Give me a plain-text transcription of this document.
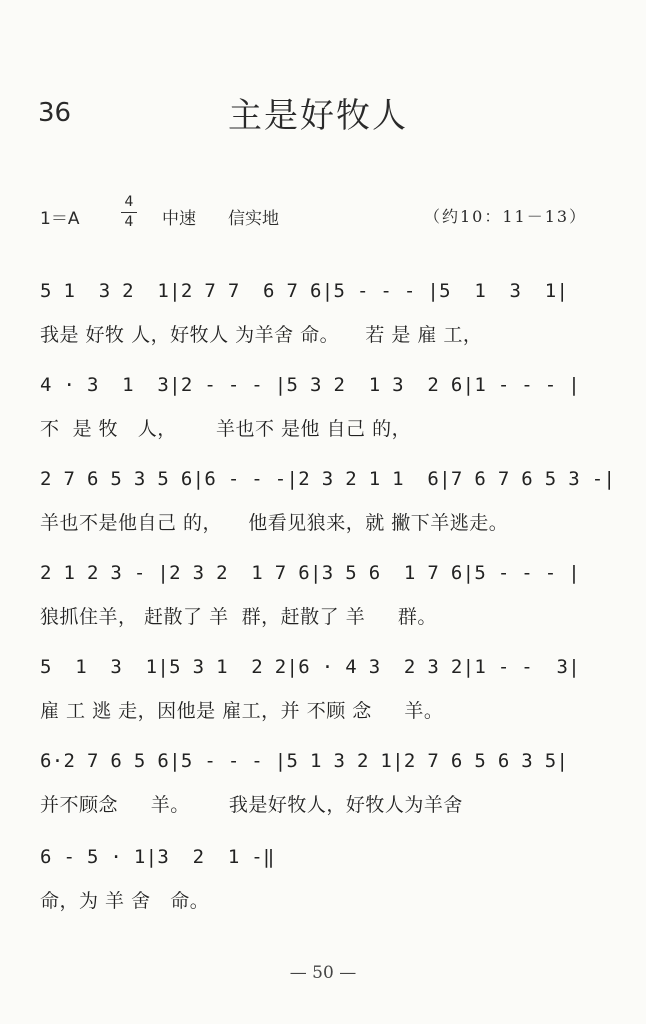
36	主是好牧人
1＝A
4
4 中速 信实地	（约10：11－13）
5 1  3 2  1|2 7 7  6 7 6|5 - - - |5  1  3  1|
我是 好牧 人，好牧人 为羊舍 命。    若 是 雇 工，
4 · 3  1  3|2 - - - |5 3 2  1 3  2 6|1 - - - |
不  是 牧   人，      羊也不 是他 自己 的，
2 7 6 5 3 5 6|6 - - -|2 3 2 1 1  6|7 6 7 6 5 3 -|
羊也不是他自己 的，    他看见狼来，就 撇下羊逃走。
2 1 2 3 - |2 3 2  1 7 6|3 5 6  1 7 6|5 - - - |
狼抓住羊， 赶散了 羊  群，赶散了 羊     群。
5  1  3  1|5 3 1  2 2|6 · 4 3  2 3 2|1 - -  3|
雇 工 逃 走，因他是 雇工，并 不顾 念     羊。
6·2 7 6 5 6|5 - - - |5 1 3 2 1|2 7 6 5 6 3 5|
并不顾念     羊。      我是好牧人，好牧人为羊舍
6 - 5 · 1|3  2  1 -‖
命，为 羊 舍   命。
— 50 —
